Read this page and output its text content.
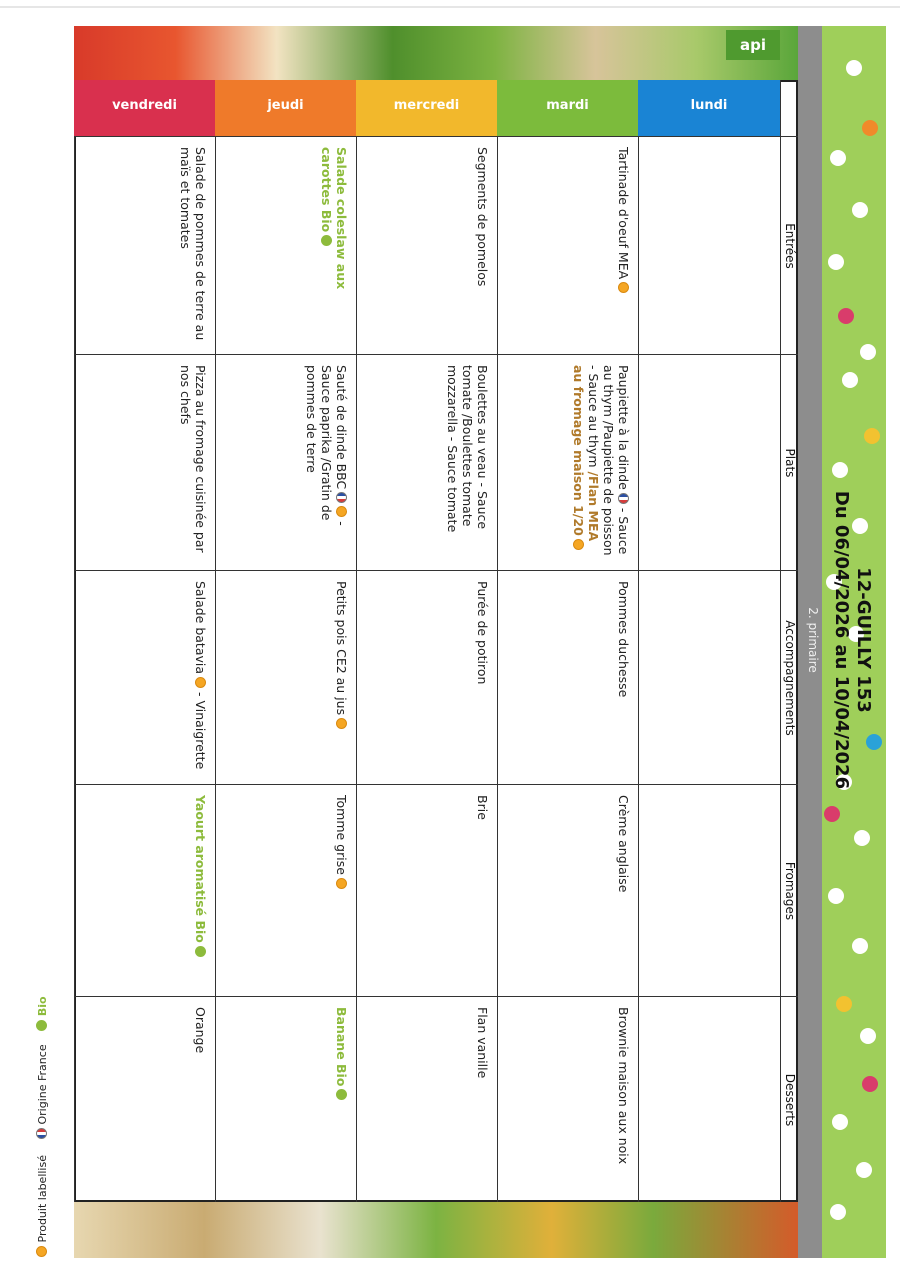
Produit labellisé
Origine France
Bio
Entrées
Plats
Accompagnements
Fromages
Desserts
lundi
mardi
Tartinade d'oeuf MEA
Paupiette à la dinde - Sauce au thym /Paupiette de poisson - Sauce au thym /Flan MEA au fromage maison 1/20
Pommes duchesse
Crème anglaise
Brownie maison aux noix
mercredi
Segments de pomelos
Boulettes au veau - Sauce tomate /Boulettes tomate mozzarella - Sauce tomate
Purée de potiron
Brie
Flan vanille
jeudi
Salade coleslaw aux carottes Bio
Sauté de dinde BBC - Sauce paprika /Gratin de pommes de terre
Petits pois CE2 au jus
Tomme grise
Banane Bio
vendredi
Salade de pommes de terre au maïs et tomates
Pizza au fromage cuisinée par nos chefs
Salade batavia - Vinaigrette
Yaourt aromatisé Bio
Orange
api
12-GUILLY 153
Du 06/04/2026 au 10/04/2026
2. primaire
